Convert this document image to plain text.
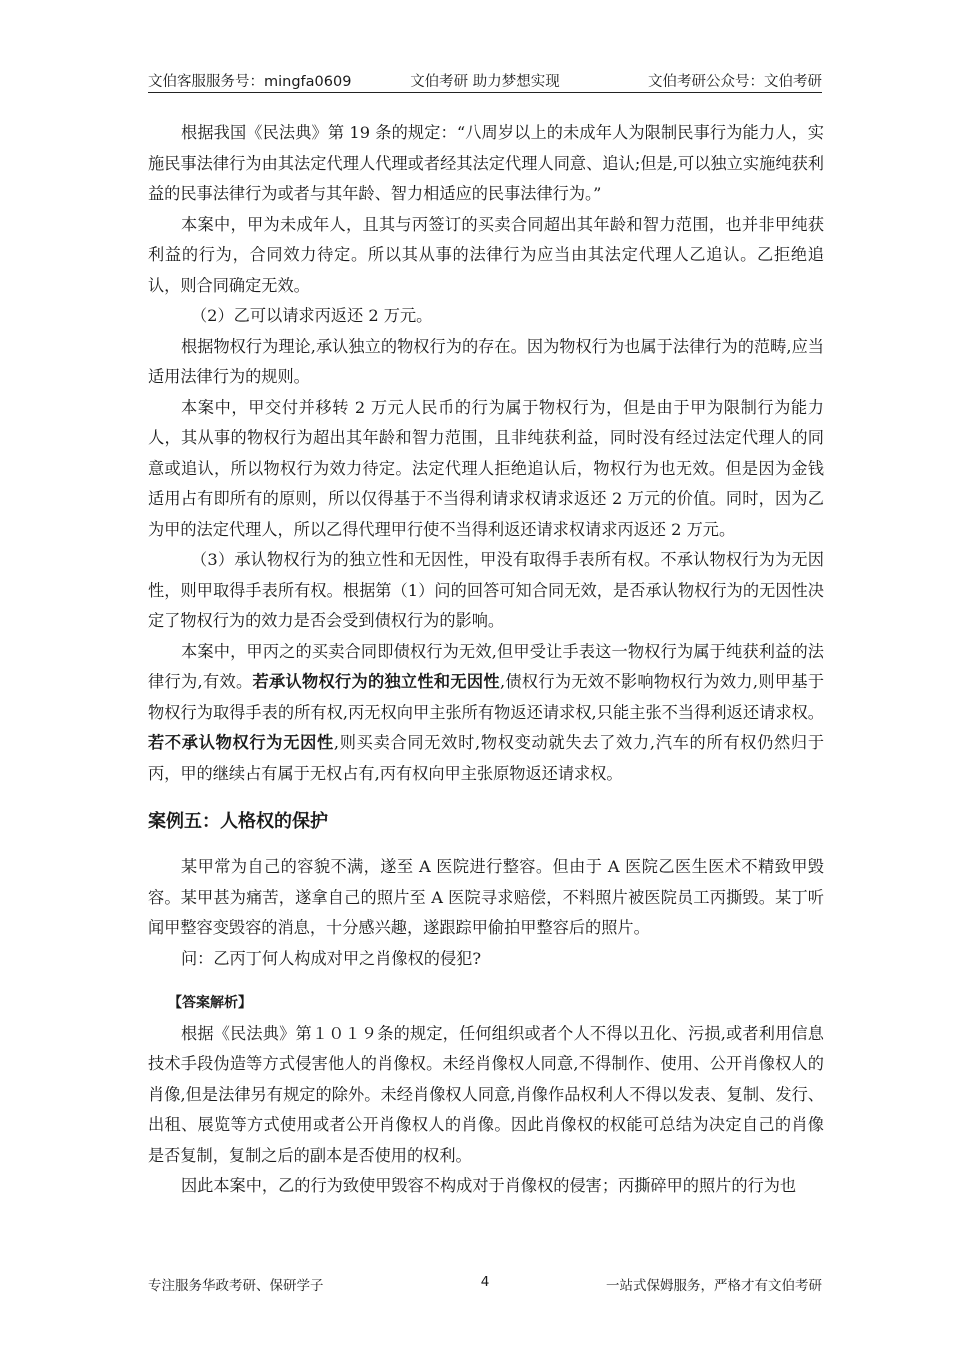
文伯客服服务号：mingfa0609	文伯考研 助力梦想实现	文伯考研公众号：文伯考研

根据我国《民法典》第 19 条的规定：“八周岁以上的未成年人为限制民事行为能力人，实施民事法律行为由其法定代理人代理或者经其法定代理人同意、追认;但是,可以独立实施纯获利益的民事法律行为或者与其年龄、智力相适应的民事法律行为。”

本案中，甲为未成年人，且其与丙签订的买卖合同超出其年龄和智力范围，也并非甲纯获利益的行为，合同效力待定。所以其从事的法律行为应当由其法定代理人乙追认。乙拒绝追认，则合同确定无效。

（2）乙可以请求丙返还 2 万元。

根据物权行为理论,承认独立的物权行为的存在。因为物权行为也属于法律行为的范畴,应当适用法律行为的规则。

本案中，甲交付并移转 2 万元人民币的行为属于物权行为，但是由于甲为限制行为能力人，其从事的物权行为超出其年龄和智力范围，且非纯获利益，同时没有经过法定代理人的同意或追认，所以物权行为效力待定。法定代理人拒绝追认后，物权行为也无效。但是因为金钱适用占有即所有的原则，所以仅得基于不当得利请求权请求返还 2 万元的价值。同时，因为乙为甲的法定代理人，所以乙得代理甲行使不当得利返还请求权请求丙返还 2 万元。

（3）承认物权行为的独立性和无因性，甲没有取得手表所有权。不承认物权行为为无因性，则甲取得手表所有权。根据第（1）问的回答可知合同无效，是否承认物权行为的无因性决定了物权行为的效力是否会受到债权行为的影响。

本案中，甲丙之的买卖合同即债权行为无效,但甲受让手表这一物权行为属于纯获利益的法律行为,有效。若承认物权行为的独立性和无因性,债权行为无效不影响物权行为效力,则甲基于物权行为取得手表的所有权,丙无权向甲主张所有物返还请求权,只能主张不当得利返还请求权。若不承认物权行为无因性,则买卖合同无效时,物权变动就失去了效力,汽车的所有权仍然归于丙，甲的继续占有属于无权占有,丙有权向甲主张原物返还请求权。

案例五：人格权的保护

某甲常为自己的容貌不满，遂至 A 医院进行整容。但由于 A 医院乙医生医术不精致甲毁容。某甲甚为痛苦，遂拿自己的照片至 A 医院寻求赔偿，不料照片被医院员工丙撕毁。某丁听闻甲整容变毁容的消息，十分感兴趣，遂跟踪甲偷拍甲整容后的照片。

问：乙丙丁何人构成对甲之肖像权的侵犯?

【答案解析】

根据《民法典》第１０１９条的规定，任何组织或者个人不得以丑化、污损,或者利用信息技术手段伪造等方式侵害他人的肖像权。未经肖像权人同意,不得制作、使用、公开肖像权人的肖像,但是法律另有规定的除外。未经肖像权人同意,肖像作品权利人不得以发表、复制、发行、出租、展览等方式使用或者公开肖像权人的肖像。因此肖像权的权能可总结为决定自己的肖像是否复制，复制之后的副本是否使用的权利。

因此本案中，乙的行为致使甲毁容不构成对于肖像权的侵害；丙撕碎甲的照片的行为也

专注服务华政考研、保研学子	4	一站式保姆服务，严格才有文伯考研
